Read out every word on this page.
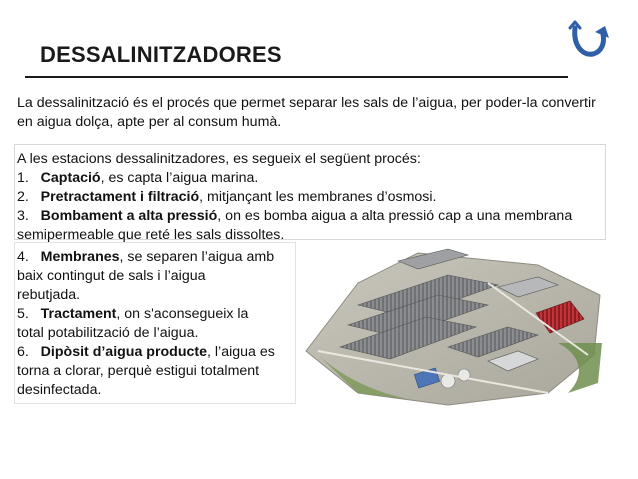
DESSALINITZADORES
La dessalinització és el procés que permet separar les sals de l’aigua, per poder-la convertir
en aigua dolça, apte per al consum humà.
A les estacions dessalinitzadores, es segueix el següent procés:
1. Captació, es capta l’aigua marina.
2. Pretractament i filtració, mitjançant les membranes d’osmosi.
3. Bombament a alta pressió, on es bomba aigua a alta pressió cap a una membrana
semipermeable que reté les sals dissoltes.
4. Membranes, se separen l’aigua amb
baix contingut de sals i l’aigua
rebutjada.
5. Tractament, on s'aconsegueix la
total potabilització de l’aigua.
6. Dipòsit d’aigua producte, l’aigua es
torna a clorar, perquè estigui totalment
desinfectada.
